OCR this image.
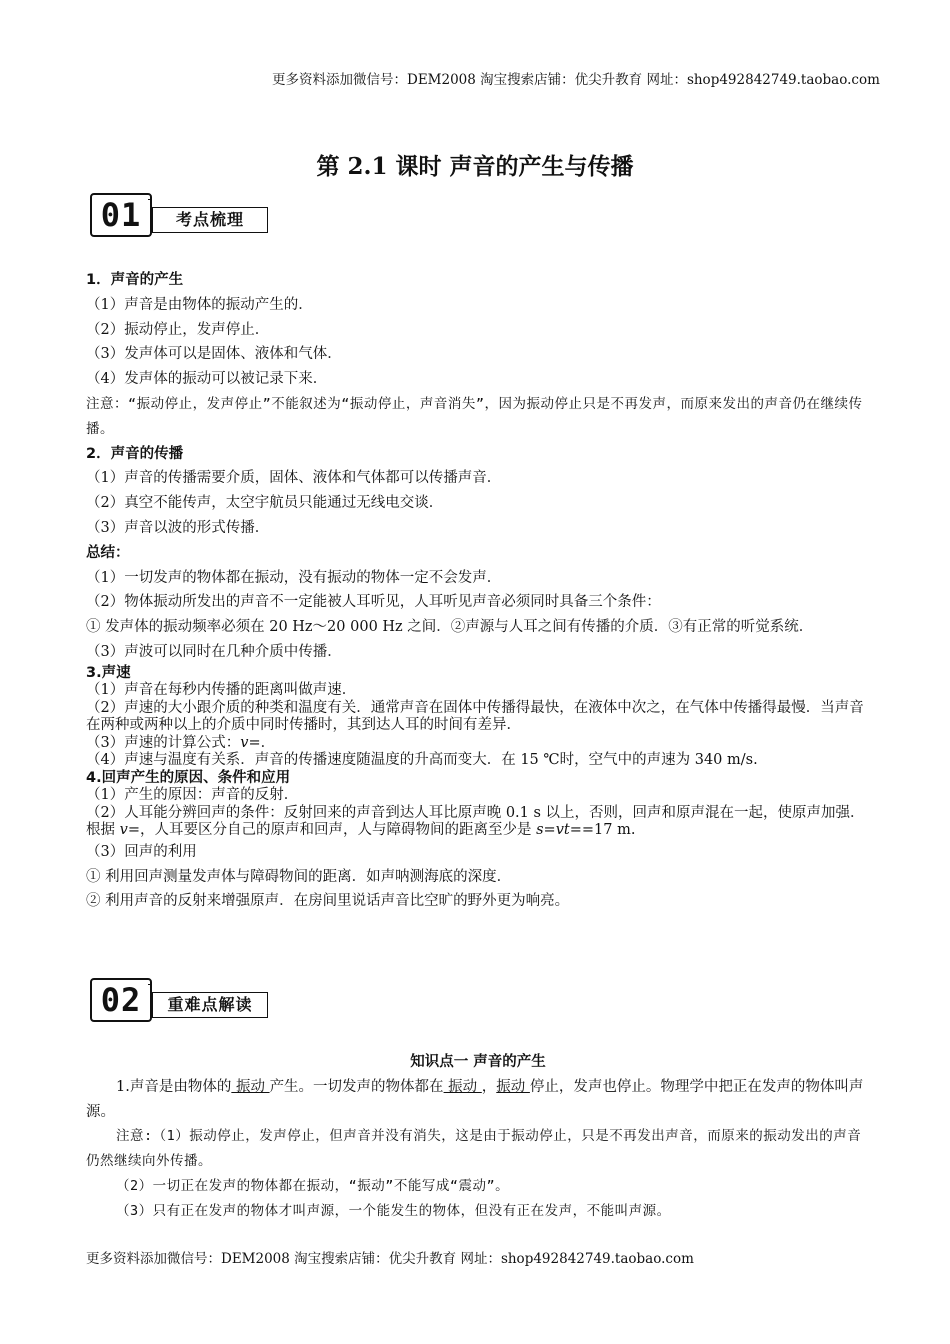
更多资料添加微信号：DEM2008 淘宝搜索店铺：优尖升教育 网址：shop492842749.taobao.com
第 2.1 课时 声音的产生与传播
01	考点梳理

1．声音的产生

（1）声音是由物体的振动产生的．

（2）振动停止，发声停止．

（3）发声体可以是固体、液体和气体．

（4）发声体的振动可以被记录下来．

注意：“振动停止，发声停止”不能叙述为“振动停止，声音消失”，因为振动停止只是不再发声，而原来发出的声音仍在继续传播。

2．声音的传播

（1）声音的传播需要介质，固体、液体和气体都可以传播声音．

（2）真空不能传声，太空宇航员只能通过无线电交谈．

（3）声音以波的形式传播．

总结：

（1）一切发声的物体都在振动，没有振动的物体一定不会发声．

（2）物体振动所发出的声音不一定能被人耳听见，人耳听见声音必须同时具备三个条件：

① 发声体的振动频率必须在 20 Hz～20 000 Hz 之间．②声源与人耳之间有传播的介质．③有正常的听觉系统．

（3）声波可以同时在几种介质中传播．

3.声速

（1）声音在每秒内传播的距离叫做声速．

（2）声速的大小跟介质的种类和温度有关．通常声音在固体中传播得最快，在液体中次之，在气体中传播得最慢．当声音在两种或两种以上的介质中同时传播时，其到达人耳的时间有差异．

（3）声速的计算公式：v=．

（4）声速与温度有关系．声音的传播速度随温度的升高而变大．在 15 ℃时，空气中的声速为 340 m/s.

4.回声产生的原因、条件和应用

（1）产生的原因：声音的反射．

（2）人耳能分辨回声的条件：反射回来的声音到达人耳比原声晚 0.1 s 以上，否则，回声和原声混在一起，使原声加强．

根据 v=，人耳要区分自己的原声和回声，人与障碍物间的距离至少是 s=vt==17 m.

（3）回声的利用

① 利用回声测量发声体与障碍物间的距离．如声呐测海底的深度．

② 利用声音的反射来增强原声．在房间里说话声音比空旷的野外更为响亮。

02	重难点解读

知识点一 声音的产生

1.声音是由物体的 振动 产生。一切发声的物体都在 振动 ，振动 停止，发声也停止。物理学中把正在发声的物体叫声源。

注意:（1）振动停止，发声停止，但声音并没有消失，这是由于振动停止，只是不再发出声音，而原来的振动发出的声音仍然继续向外传播。

（2）一切正在发声的物体都在振动，“振动”不能写成“震动”。

（3）只有正在发声的物体才叫声源，一个能发生的物体，但没有正在发声，不能叫声源。

更多资料添加微信号：DEM2008 淘宝搜索店铺：优尖升教育 网址：shop492842749.taobao.com
